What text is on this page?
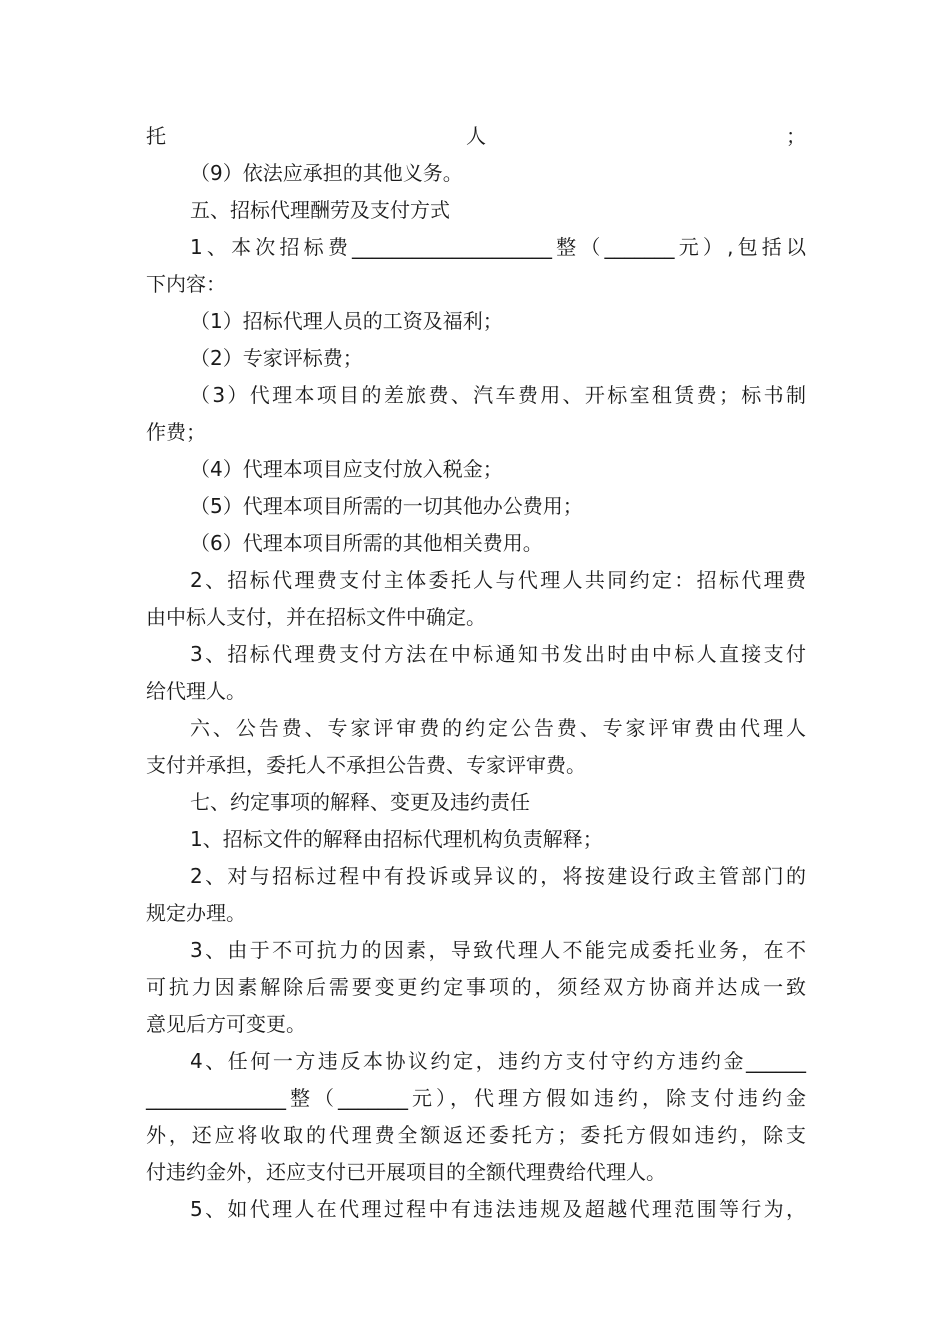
托人；
（9）依法应承担的其他义务。
五、招标代理酬劳及支付方式
1、本次招标费____________________整（_______元）,包括以
下内容：
（1）招标代理人员的工资及福利；
（2）专家评标费；
（3）代理本项目的差旅费、汽车费用、开标室租赁费；标书制
作费；
（4）代理本项目应支付放入税金；
（5）代理本项目所需的一切其他办公费用；
（6）代理本项目所需的其他相关费用。
2、招标代理费支付主体委托人与代理人共同约定：招标代理费
由中标人支付，并在招标文件中确定。
3、招标代理费支付方法在中标通知书发出时由中标人直接支付
给代理人。
六、公告费、专家评审费的约定公告费、专家评审费由代理人
支付并承担，委托人不承担公告费、专家评审费。
七、约定事项的解释、变更及违约责任
1、招标文件的解释由招标代理机构负责解释；
2、对与招标过程中有投诉或异议的，将按建设行政主管部门的
规定办理。
3、由于不可抗力的因素，导致代理人不能完成委托业务，在不
可抗力因素解除后需要变更约定事项的，须经双方协商并达成一致
意见后方可变更。
4、任何一方违反本协议约定，违约方支付守约方违约金______
______________整（_______元），代理方假如违约，除支付违约金
外，还应将收取的代理费全额返还委托方；委托方假如违约，除支
付违约金外，还应支付已开展项目的全额代理费给代理人。
5、如代理人在代理过程中有违法违规及超越代理范围等行为，
